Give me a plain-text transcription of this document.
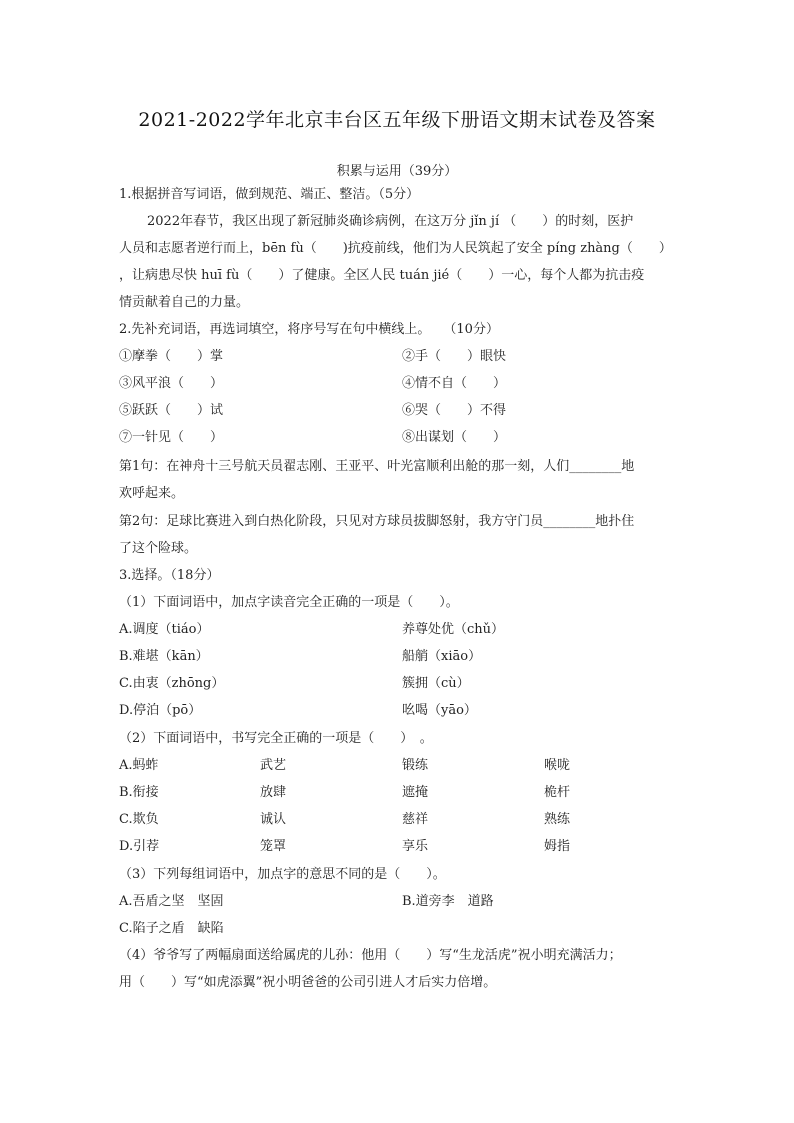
2021-2022学年北京丰台区五年级下册语文期末试卷及答案
积累与运用（39分）
1.根据拼音写词语，做到规范、端正、整洁。（5分）
2022年春节，我区出现了新冠肺炎确诊病例，在这万分 jǐn jí （　　）的时刻，医护
人员和志愿者逆行而上，bēn fù（　　)抗疫前线，他们为人民筑起了安全 píng zhàng（　　）
，让病患尽快 huī fù（　　）了健康。全区人民 tuán jié（　　）一心，每个人都为抗击疫
情贡献着自己的力量。
2.先补充词语，再选词填空，将序号写在句中横线上。　　（10分）
①摩拳（　　）掌	②手（　　）眼快
③风平浪（　　）	④情不自（　　）
⑤跃跃（　　）试	⑥哭（　　）不得
⑦一针见（　　）	⑧出谋划（　　）
第1句：在神舟十三号航天员翟志刚、王亚平、叶光富顺利出舱的那一刻，人们________地
欢呼起来。
第2句：足球比赛进入到白热化阶段，只见对方球员拔脚怒射，我方守门员________地扑住
了这个险球。
3.选择。（18分）
（1）下面词语中，加点字读音完全正确的一项是（　　）。
A.调度（tiáo）	养尊处优（chǔ）
B.难堪（kān）	船艄（xiāo）
C.由衷（zhōng）	簇拥（cù）
D.停泊（pō）	吆喝（yāo）
（2）下面词语中，书写完全正确的一项是（　　）　。
A.蚂蚱	武艺	锻练	喉咙
B.衔接	放肆	遮掩	桅杆
C.欺负	诚认	慈祥	熟练
D.引荐	笼罩	享乐	姆指
（3）下列每组词语中，加点字的意思不同的是（　　）。
A.吾盾之坚　坚固	B.道旁李　道路
C.陷子之盾　缺陷
（4）爷爷写了两幅扇面送给属虎的儿孙：他用（　　）写“生龙活虎”祝小明充满活力；
用（　　）写“如虎添翼”祝小明爸爸的公司引进人才后实力倍增。
